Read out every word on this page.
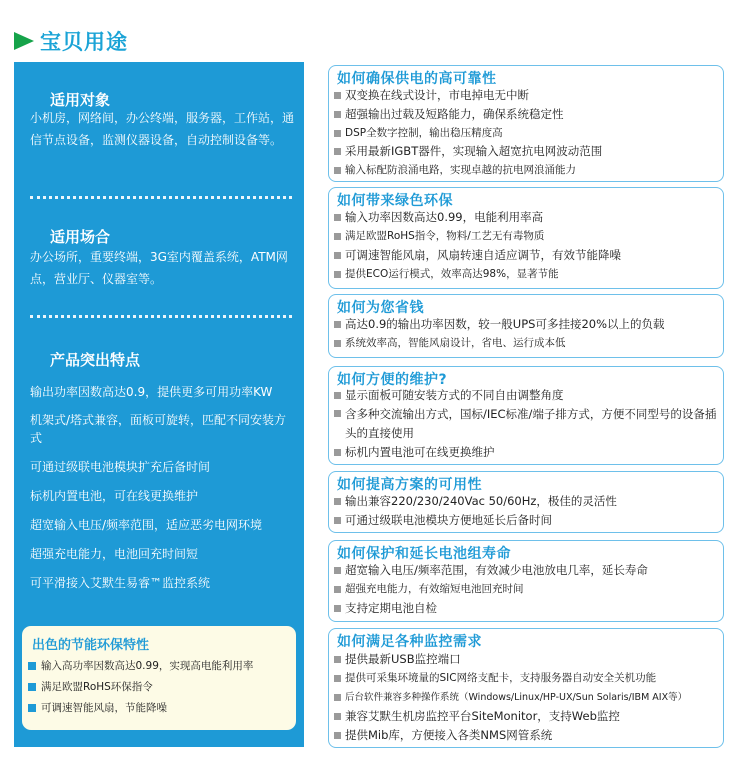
宝贝用途
适用对象
小机房，网络间，办公终端，服务器，工作站，通信节点设备，监测仪器设备，自动控制设备等。
适用场合
办公场所，重要终端，3G室内覆盖系统，ATM网点，营业厅、仪器室等。
产品突出特点
输出功率因数高达0.9，提供更多可用功率KW
机架式/塔式兼容，面板可旋转，匹配不同安装方式
可通过级联电池模块扩充后备时间
标机内置电池，可在线更换维护
超宽输入电压/频率范围，适应恶劣电网环境
超强充电能力，电池回充时间短
可平滑接入艾默生易睿™监控系统
出色的节能环保特性
输入高功率因数高达0.99，实现高电能利用率
满足欧盟RoHS环保指令
可调速智能风扇，节能降噪
如何确保供电的高可靠性
双变换在线式设计，市电掉电无中断
超强输出过载及短路能力，确保系统稳定性
DSP全数字控制，输出稳压精度高
采用最新IGBT器件，实现输入超宽抗电网波动范围
输入标配防浪涌电路，实现卓越的抗电网浪涌能力
如何带来绿色环保
输入功率因数高达0.99，电能利用率高
满足欧盟RoHS指令，物料/工艺无有毒物质
可调速智能风扇，风扇转速自适应调节，有效节能降噪
提供ECO运行模式，效率高达98%，显著节能
如何为您省钱
高达0.9的输出功率因数，较一般UPS可多挂接20%以上的负载
系统效率高，智能风扇设计，省电、运行成本低
如何方便的维护?
显示面板可随安装方式的不同自由调整角度
含多种交流输出方式，国标/IEC标准/端子排方式，方便不同型号的设备插头的直接使用
标机内置电池可在线更换维护
如何提高方案的可用性
输出兼容220/230/240Vac 50/60Hz，极佳的灵活性
可通过级联电池模块方便地延长后备时间
如何保护和延长电池组寿命
超宽输入电压/频率范围，有效减少电池放电几率，延长寿命
超强充电能力，有效缩短电池回充时间
支持定期电池自检
如何满足各种监控需求
提供最新USB监控端口
提供可采集环境量的SIC网络支配卡，支持服务器自动安全关机功能
后台软件兼容多种操作系统（Windows/Linux/HP-UX/Sun Solaris/IBM AIX等）
兼容艾默生机房监控平台SiteMonitor，支持Web监控
提供Mib库，方便接入各类NMS网管系统
